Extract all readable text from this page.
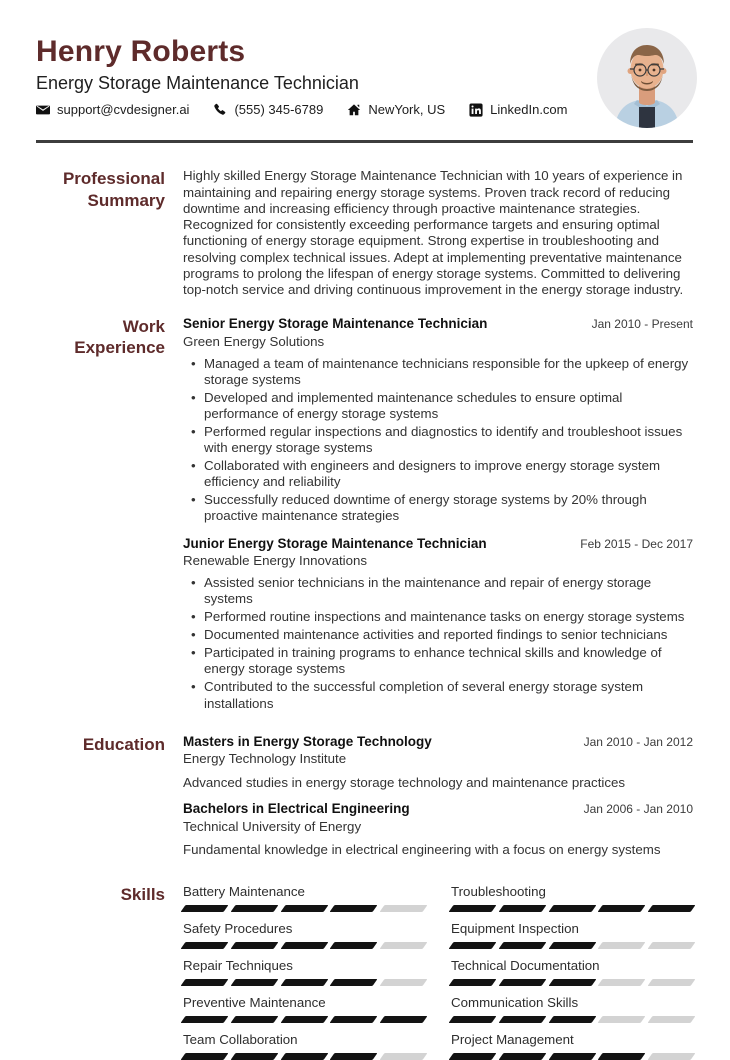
Henry Roberts
Energy Storage Maintenance Technician
support@cvdesigner.ai	(555) 345-6789	NewYork, US	LinkedIn.com
Professional Summary

Highly skilled Energy Storage Maintenance Technician with 10 years of experience in maintaining and repairing energy storage systems. Proven track record of reducing downtime and increasing efficiency through proactive maintenance strategies. Recognized for consistently exceeding performance targets and ensuring optimal functioning of energy storage equipment. Strong expertise in troubleshooting and resolving complex technical issues. Adept at implementing preventative maintenance programs to prolong the lifespan of energy storage systems. Committed to delivering top-notch service and driving continuous improvement in the energy storage industry.

Work Experience
Senior Energy Storage Maintenance Technician	Jan 2010 - Present
Green Energy Solutions
• Managed a team of maintenance technicians responsible for the upkeep of energy storage systems
• Developed and implemented maintenance schedules to ensure optimal performance of energy storage systems
• Performed regular inspections and diagnostics to identify and troubleshoot issues with energy storage systems
• Collaborated with engineers and designers to improve energy storage system efficiency and reliability
• Successfully reduced downtime of energy storage systems by 20% through proactive maintenance strategies
Junior Energy Storage Maintenance Technician	Feb 2015 - Dec 2017
Renewable Energy Innovations
• Assisted senior technicians in the maintenance and repair of energy storage systems
• Performed routine inspections and maintenance tasks on energy storage systems
• Documented maintenance activities and reported findings to senior technicians
• Participated in training programs to enhance technical skills and knowledge of energy storage systems
• Contributed to the successful completion of several energy storage system installations
Education Masters in Energy Storage Technology	Jan 2010 - Jan 2012
Energy Technology Institute
Advanced studies in energy storage technology and maintenance practices
Bachelors in Electrical Engineering	Jan 2006 - Jan 2010
Technical University of Energy
Fundamental knowledge in electrical engineering with a focus on energy systems
Skills Battery Maintenance	Troubleshooting
Safety Procedures	Equipment Inspection
Repair Techniques	Technical Documentation
Preventive Maintenance	Communication Skills
Team Collaboration	Project Management
